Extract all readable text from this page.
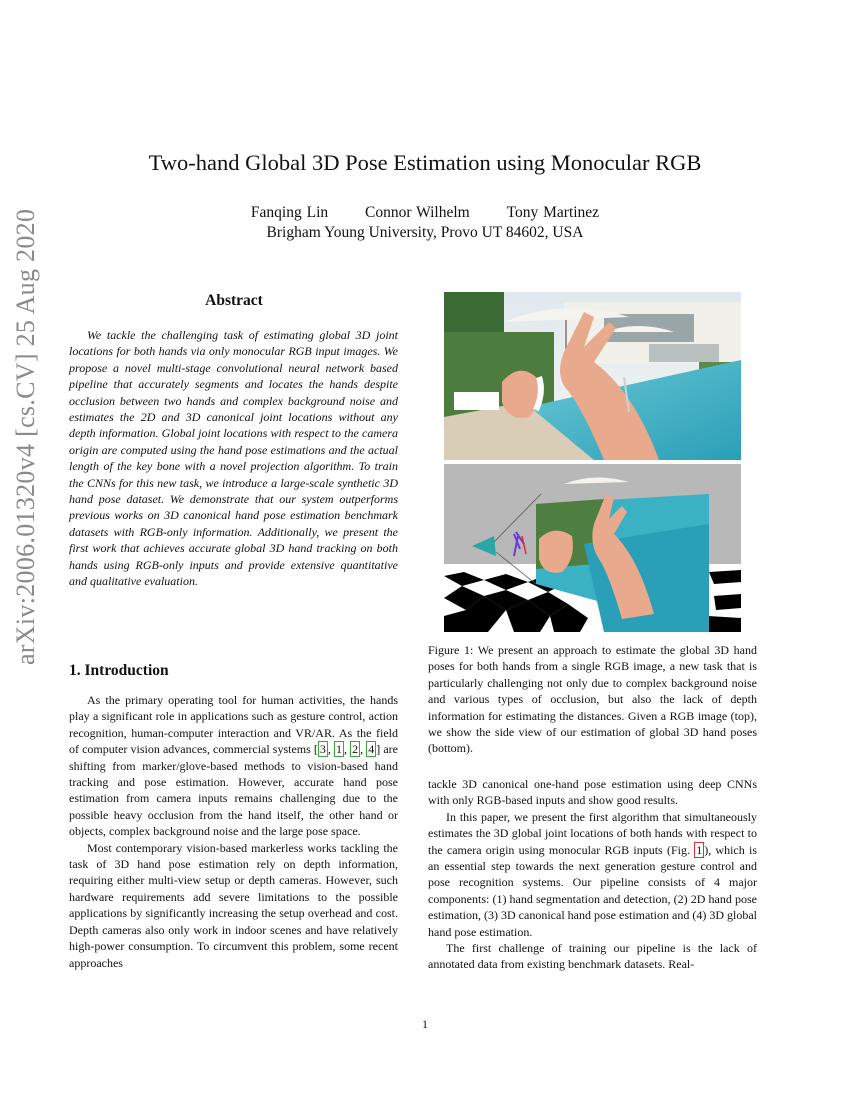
Two-hand Global 3D Pose Estimation using Monocular RGB
Fanqing Lin Connor Wilhelm Tony Martinez
Brigham Young University, Provo UT 84602, USA
arXiv:2006.01320v4 [cs.CV] 25 Aug 2020	Abstract
We tackle the challenging task of estimating global 3D joint locations for both hands via only monocular RGB input images. We propose a novel multi-stage convolutional neural network based pipeline that accurately segments and locates the hands despite occlusion between two hands and complex background noise and estimates the 2D and 3D canonical joint locations without any depth information. Global joint locations with respect to the camera origin are computed using the hand pose estimations and the actual length of the key bone with a novel projection algorithm. To train the CNNs for this new task, we introduce a large-scale synthetic 3D hand pose dataset. We demonstrate that our system outperforms previous works on 3D canonical hand pose estimation benchmark datasets with RGB-only information. Additionally, we present the first work that achieves accurate global 3D hand tracking on both hands using RGB-only inputs and provide extensive quantitative and qualitative evaluation.
1. Introduction

As the primary operating tool for human activities, the hands play a significant role in applications such as gesture control, action recognition, human-computer interaction and VR/AR. As the field of computer vision advances, commercial systems [ 3 , 1 , 2 , 4 ] are shifting from marker/glove-based methods to vision-based hand tracking and pose estimation. However, accurate hand pose estimation from camera inputs remains challenging due to the possible heavy occlusion from the hand itself, the other hand or objects, complex background noise and the large pose space.

Most contemporary vision-based markerless works tackling the task of 3D hand pose estimation rely on depth information, requiring either multi-view setup or depth cameras. However, such hardware requirements add severe limitations to the possible applications by significantly increasing the setup overhead and cost. Depth cameras also only work in indoor scenes and have relatively high-power consumption. To circumvent this problem, some recent approaches

Figure 1: We present an approach to estimate the global 3D hand poses for both hands from a single RGB image, a new task that is particularly challenging not only due to complex background noise and various types of occlusion, but also the lack of depth information for estimating the distances. Given a RGB image (top), we show the side view of our estimation of global 3D hand poses (bottom).

tackle 3D canonical one-hand pose estimation using deep CNNs with only RGB-based inputs and show good results.

In this paper, we present the first algorithm that simultaneously estimates the 3D global joint locations of both hands with respect to the camera origin using monocular RGB inputs (Fig. 1 ), which is an essential step towards the next generation gesture control and pose recognition systems. Our pipeline consists of 4 major components: (1) hand segmentation and detection, (2) 2D hand pose estimation, (3) 3D canonical hand pose estimation and (4) 3D global hand pose estimation.

The first challenge of training our pipeline is the lack of annotated data from existing benchmark datasets. Real-

1
